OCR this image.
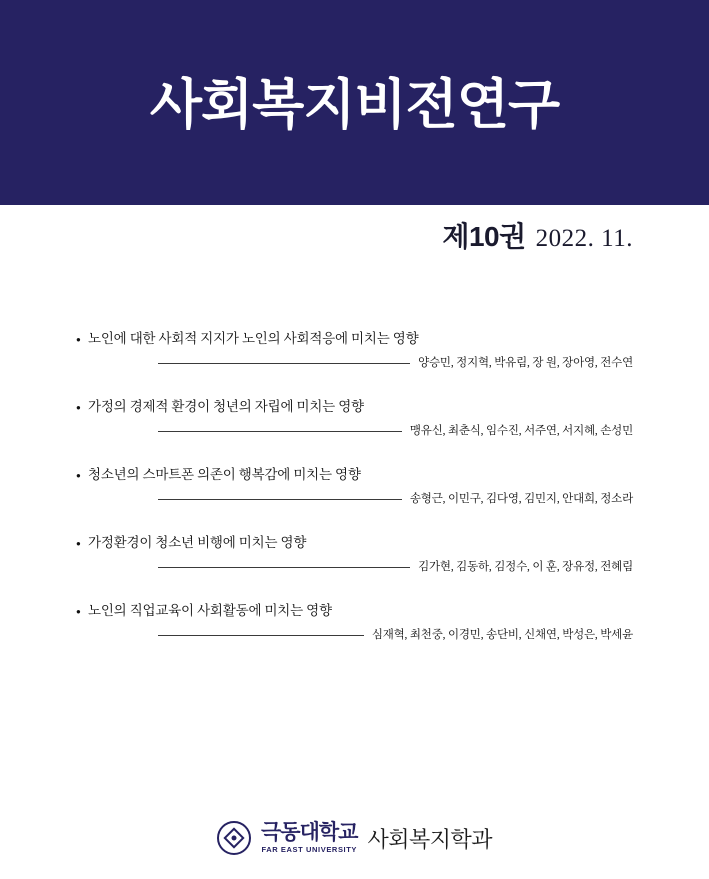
사회복지비전연구
제10권 2022. 11.
● 노인에 대한 사회적 지지가 노인의 사회적응에 미치는 영향
양승민, 정지혁, 박유림, 장 원, 장아영, 전수연
● 가정의 경제적 환경이 청년의 자립에 미치는 영향
맹유신, 최춘식, 임수진, 서주연, 서지혜, 손성민
● 청소년의 스마트폰 의존이 행복감에 미치는 영향
송형근, 이민구, 김다영, 김민지, 안대희, 정소라
● 가정환경이 청소년 비행에 미치는 영향
김가현, 김동하, 김정수, 이 훈, 장유정, 전혜림
● 노인의 직업교육이 사회활동에 미치는 영향
심재혁, 최천중, 이경민, 송단비, 신채연, 박성은, 박세윤
극동대학교
FAR EAST UNIVERSITY 사회복지학과
